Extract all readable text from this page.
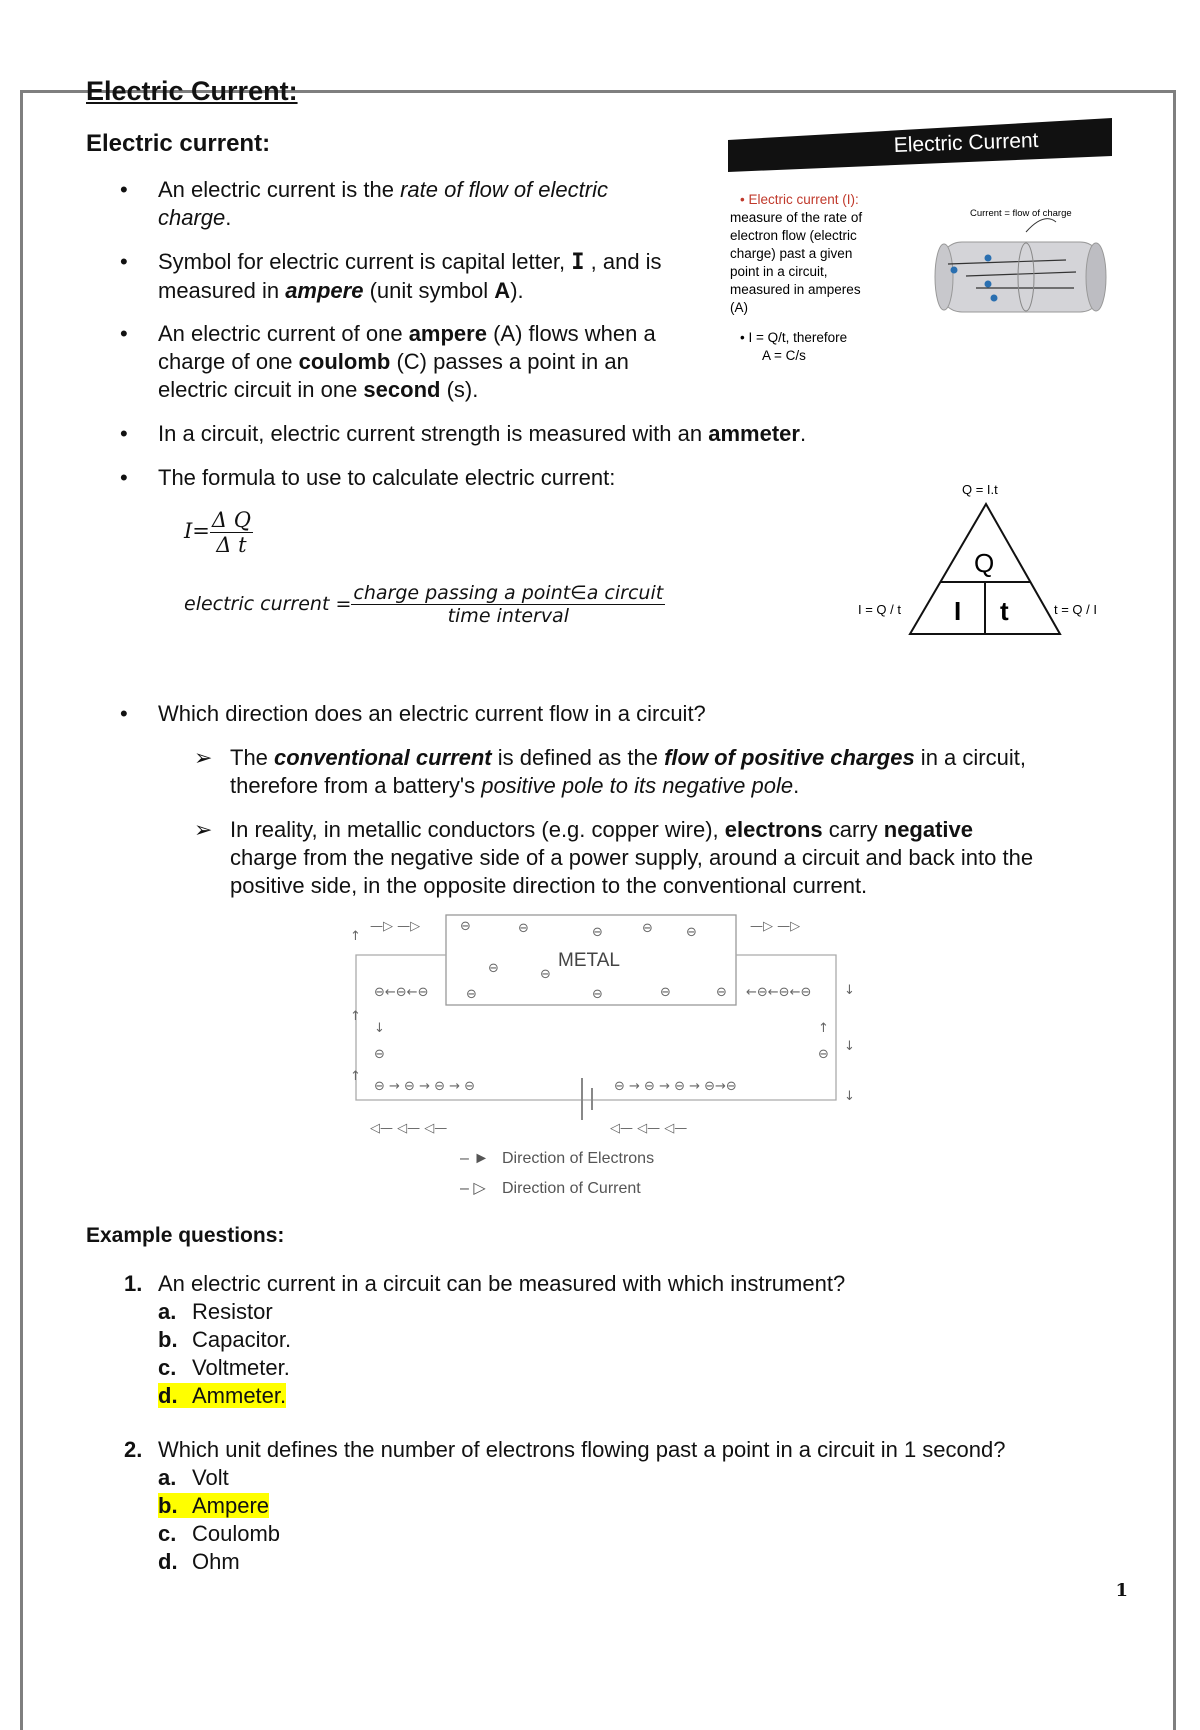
Electric Current:
Electric current:
•	An electric current is the rate of flow of electric
charge.
•	Symbol for electric current is capital letter, I , and is
measured in ampere (unit symbol A).
•	An electric current of one ampere (A) flows when a
charge of one coulomb (C) passes a point in an
electric circuit in one second (s).
•	In a circuit, electric current strength is measured with an ammeter.
•	The formula to use to calculate electric current:
$I= \frac{\text{Δ Q}}{\text{Δ t}}$
electric current = $\frac{\text{charge passing a point∈a circuit}}{\text{time interval}}$
Electric Current
• Electric current (I):
measure of the rate of
electron flow (electric
charge) past a given
point in a circuit,
measured in amperes
(A)
• I = Q/t, therefore
A = C/s
Current = flow of charge
Q = I.t
Q
I t
I = Q / t	t = Q / I
•	Which direction does an electric current flow in a circuit?
➢ The conventional current is defined as the flow of positive charges in a circuit,
therefore from a battery's positive pole to its negative pole.
➢ In reality, in metallic conductors (e.g. copper wire), electrons carry negative
charge from the negative side of a power supply, around a circuit and back into the
positive side, in the opposite direction to the conventional current.
METAL
⊖	⊖	⊖	⊖	⊖
⊖	⊖
⊖	⊖	⊖	⊖
⊖←⊖←⊖	←⊖←⊖←⊖
↓
⊖
↑
⊖
⊖ → ⊖ → ⊖ → ⊖	⊖ → ⊖ → ⊖ → ⊖→⊖
↑
↑
↑
↓
↓
↓
—▷ —▷	—▷ —▷
◁— ◁— ◁—	◁— ◁— ◁—
‒ ► Direction of Electrons
‒ ▷ Direction of Current
Example questions:
1. An electric current in a circuit can be measured with which instrument?
a. Resistor
b. Capacitor.
c. Voltmeter.
d. Ammeter.
2. Which unit defines the number of electrons flowing past a point in a circuit in 1 second?
a. Volt
b. Ampere
c. Coulomb
d. Ohm
1
